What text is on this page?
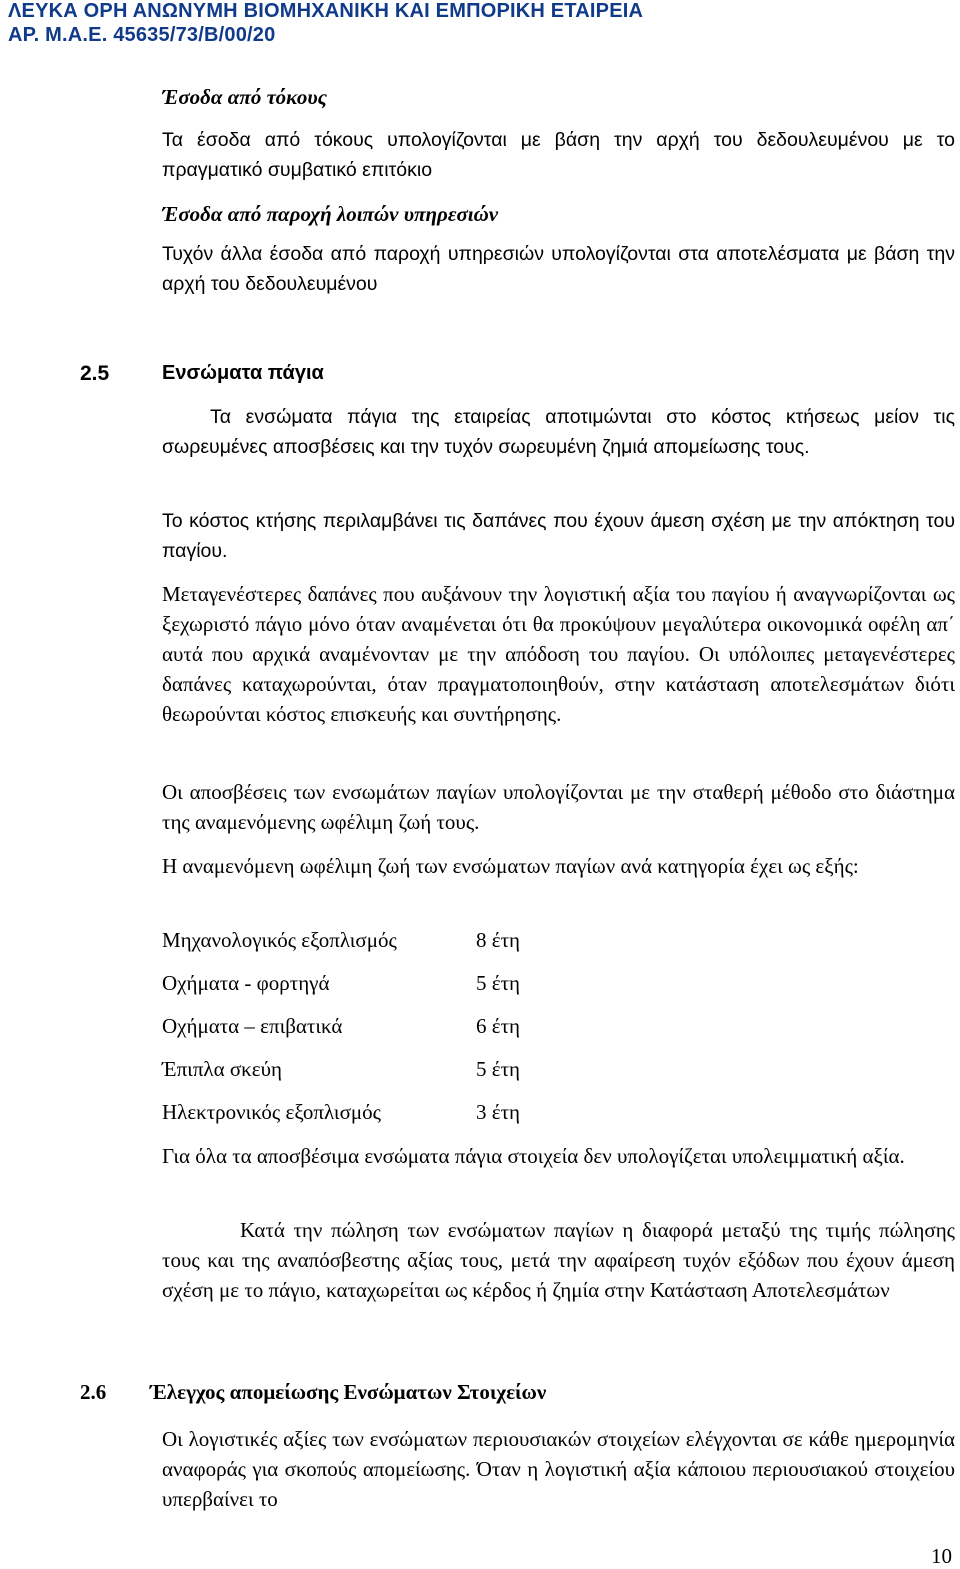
ΛΕΥΚΑ ΟΡΗ ΑΝΩΝΥΜΗ ΒΙΟΜΗΧΑΝΙΚΗ ΚΑΙ ΕΜΠΟΡΙΚΗ ΕΤΑΙΡΕΙΑ
ΑΡ. Μ.Α.Ε. 45635/73/Β/00/20
Έσοδα από τόκους
Τα έσοδα από τόκους υπολογίζονται με βάση την αρχή του δεδουλευμένου με το πραγματικό συμβατικό επιτόκιο
Έσοδα από παροχή λοιπών υπηρεσιών
Τυχόν άλλα έσοδα από παροχή υπηρεσιών υπολογίζονται στα αποτελέσματα με βάση την αρχή του δεδουλευμένου
2.5	Ενσώματα πάγια
Τα ενσώματα πάγια της εταιρείας αποτιμώνται στο κόστος κτήσεως μείον τις σωρευμένες αποσβέσεις και την τυχόν σωρευμένη ζημιά απομείωσης τους.
Το κόστος κτήσης περιλαμβάνει τις δαπάνες που έχουν άμεση σχέση με την απόκτηση του παγίου.
Μεταγενέστερες δαπάνες που αυξάνουν την λογιστική αξία του παγίου ή αναγνωρίζονται ως ξεχωριστό πάγιο μόνο όταν αναμένεται ότι θα προκύψουν μεγαλύτερα οικονομικά οφέλη απ΄ αυτά που αρχικά αναμένονταν με την απόδοση του παγίου. Οι υπόλοιπες μεταγενέστερες δαπάνες καταχωρούνται, όταν πραγματοποιηθούν, στην κατάσταση αποτελεσμάτων διότι θεωρούνται κόστος επισκευής και συντήρησης.
Οι αποσβέσεις των ενσωμάτων παγίων υπολογίζονται με την σταθερή μέθοδο στο διάστημα της αναμενόμενης ωφέλιμη ζωή τους.
Η αναμενόμενη ωφέλιμη ζωή των ενσώματων παγίων ανά κατηγορία έχει ως εξής:
Μηχανολογικός εξοπλισμός	8 έτη
Οχήματα - φορτηγά	5 έτη
Οχήματα – επιβατικά	6 έτη
Έπιπλα σκεύη	5 έτη
Ηλεκτρονικός εξοπλισμός	3 έτη
Για όλα τα αποσβέσιμα ενσώματα πάγια στοιχεία δεν υπολογίζεται υπολειμματική αξία.
Κατά την πώληση των ενσώματων παγίων η διαφορά μεταξύ της τιμής πώλησης τους και της αναπόσβεστης αξίας τους, μετά την αφαίρεση τυχόν εξόδων που έχουν άμεση σχέση με το πάγιο, καταχωρείται ως κέρδος ή ζημία στην Κατάσταση Αποτελεσμάτων
2.6 Έλεγχος απομείωσης Ενσώματων Στοιχείων
Οι λογιστικές αξίες των ενσώματων περιουσιακών στοιχείων ελέγχονται σε κάθε ημερομηνία αναφοράς για σκοπούς απομείωσης. Όταν η λογιστική αξία κάποιου περιουσιακού στοιχείου υπερβαίνει το
10
